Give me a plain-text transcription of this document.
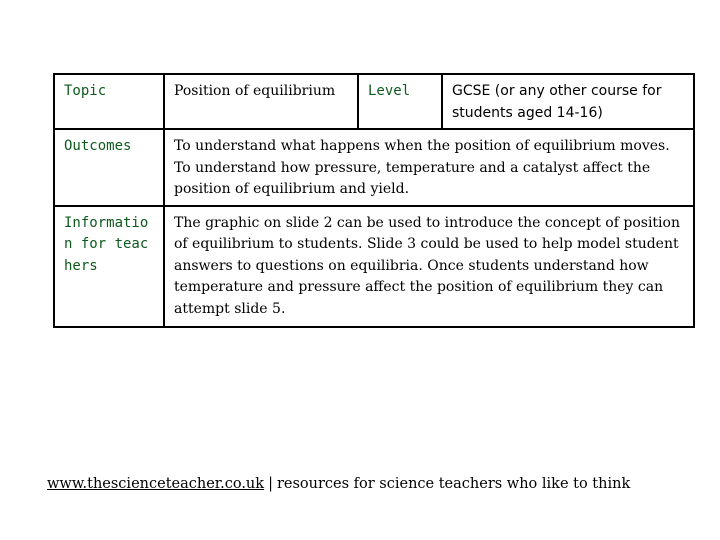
Topic	Position of equilibrium	Level	GCSE (or any other course for students aged 14-16)
Outcomes	To understand what happens when the position of equilibrium moves.
To understand how pressure, temperature and a catalyst affect the position of equilibrium and yield.		

Information for teachers	The graphic on slide 2 can be used to introduce the concept of position of equilibrium to students. Slide 3 could be used to help model student answers to questions on equilibria. Once students understand how temperature and pressure affect the position of equilibrium they can attempt slide 5.		
www.thescienceteacher.co.uk | resources for science teachers who like to think
